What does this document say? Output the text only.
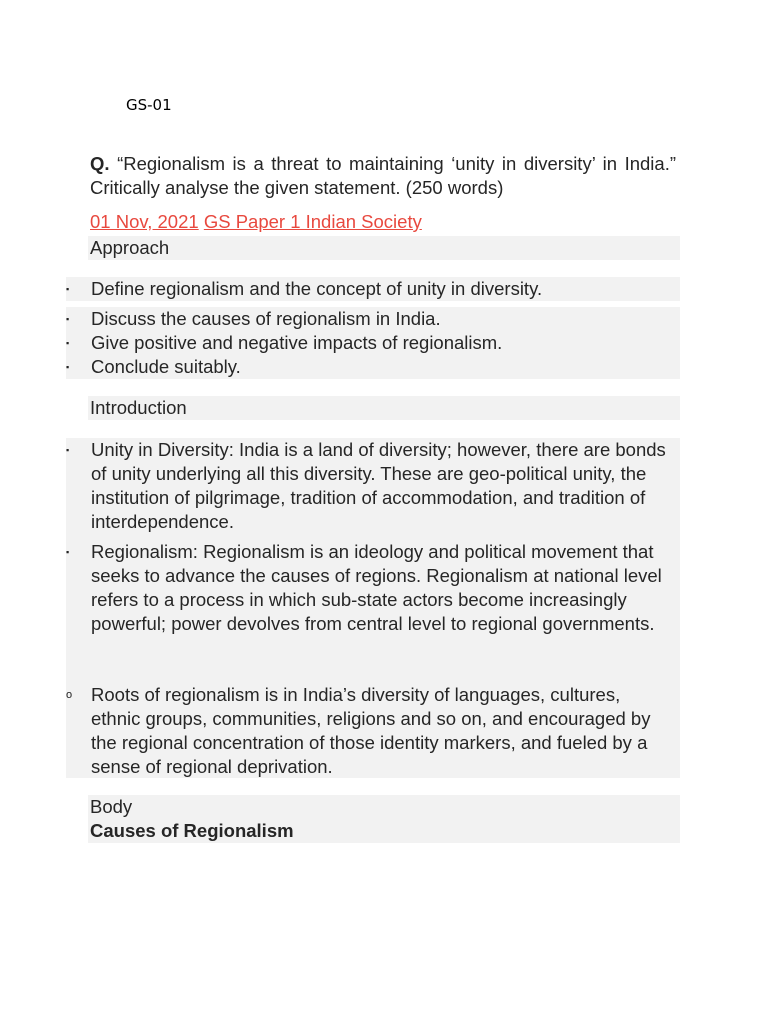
GS-01
Q. “Regionalism is a threat to maintaining ‘unity in diversity’ in India.” Critically analyse the given statement. (250 words)
01 Nov, 2021 GS Paper 1 Indian Society
Approach
▪	Define regionalism and the concept of unity in diversity.
▪	Discuss the causes of regionalism in India.
▪	Give positive and negative impacts of regionalism.
▪	Conclude suitably.
Introduction
▪	Unity in Diversity: India is a land of diversity; however, there are bonds of unity underlying all this diversity. These are geo-political unity, the institution of pilgrimage, tradition of accommodation, and tradition of interdependence.
▪	Regionalism: Regionalism is an ideology and political movement that seeks to advance the causes of regions. Regionalism at national level refers to a process in which sub-state actors become increasingly powerful; power devolves from central level to regional governments.
o	Roots of regionalism is in India’s diversity of languages, cultures, ethnic groups, communities, religions and so on, and encouraged by the regional concentration of those identity markers, and fueled by a sense of regional deprivation.
Body
Causes of Regionalism
